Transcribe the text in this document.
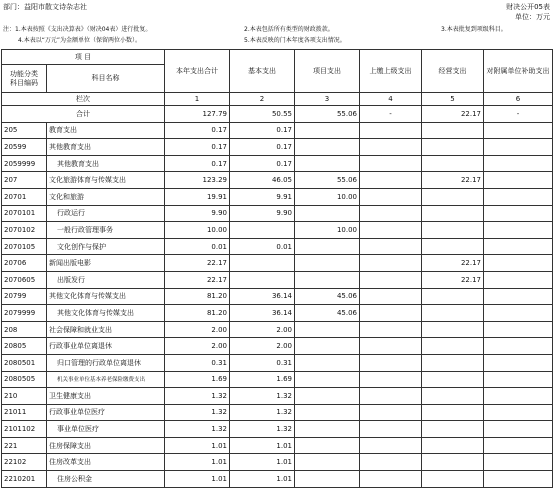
部门：益阳市散文诗杂志社	财决公开05表
单位：万元
注：1.本表按照《支出决算表》（财决04表）进行批复。	2.本表包括所有类型的财政拨款。	3.本表批复到项级科目。
4.本表以“万元”为金额单位（保留两位小数）。	5.本表反映的门本年度各项支出情况。
项 目		本年支出合计	基本支出	项目支出	上缴上级支出	经营支出	对附属单位补助支出
功能分类
科目编码	科目名称						
栏次		1	2	3	4	5	6
合计		127.79	50.55	55.06	-	22.17	-
205	教育支出	0.17	0.17				
20599	其他教育支出	0.17	0.17				
2059999	其他教育支出	0.17	0.17				
207	文化旅游体育与传媒支出	123.29	46.05	55.06		22.17	
20701	文化和旅游	19.91	9.91	10.00			
2070101	行政运行	9.90	9.90				
2070102	一般行政管理事务	10.00		10.00			
2070105	文化创作与保护	0.01	0.01				
20706	新闻出版电影	22.17				22.17	
2070605	出版发行	22.17				22.17	
20799	其他文化体育与传媒支出	81.20	36.14	45.06			
2079999	其他文化体育与传媒支出	81.20	36.14	45.06			
208	社会保障和就业支出	2.00	2.00				
20805	行政事业单位离退休	2.00	2.00				
2080501	归口管理的行政单位离退休	0.31	0.31				
2080505	机关事业单位基本养老保险缴费支出	1.69	1.69				
210	卫生健康支出	1.32	1.32				
21011	行政事业单位医疗	1.32	1.32				
2101102	事业单位医疗	1.32	1.32				
221	住房保障支出	1.01	1.01				
22102	住房改革支出	1.01	1.01				
2210201	住房公积金	1.01	1.01				
